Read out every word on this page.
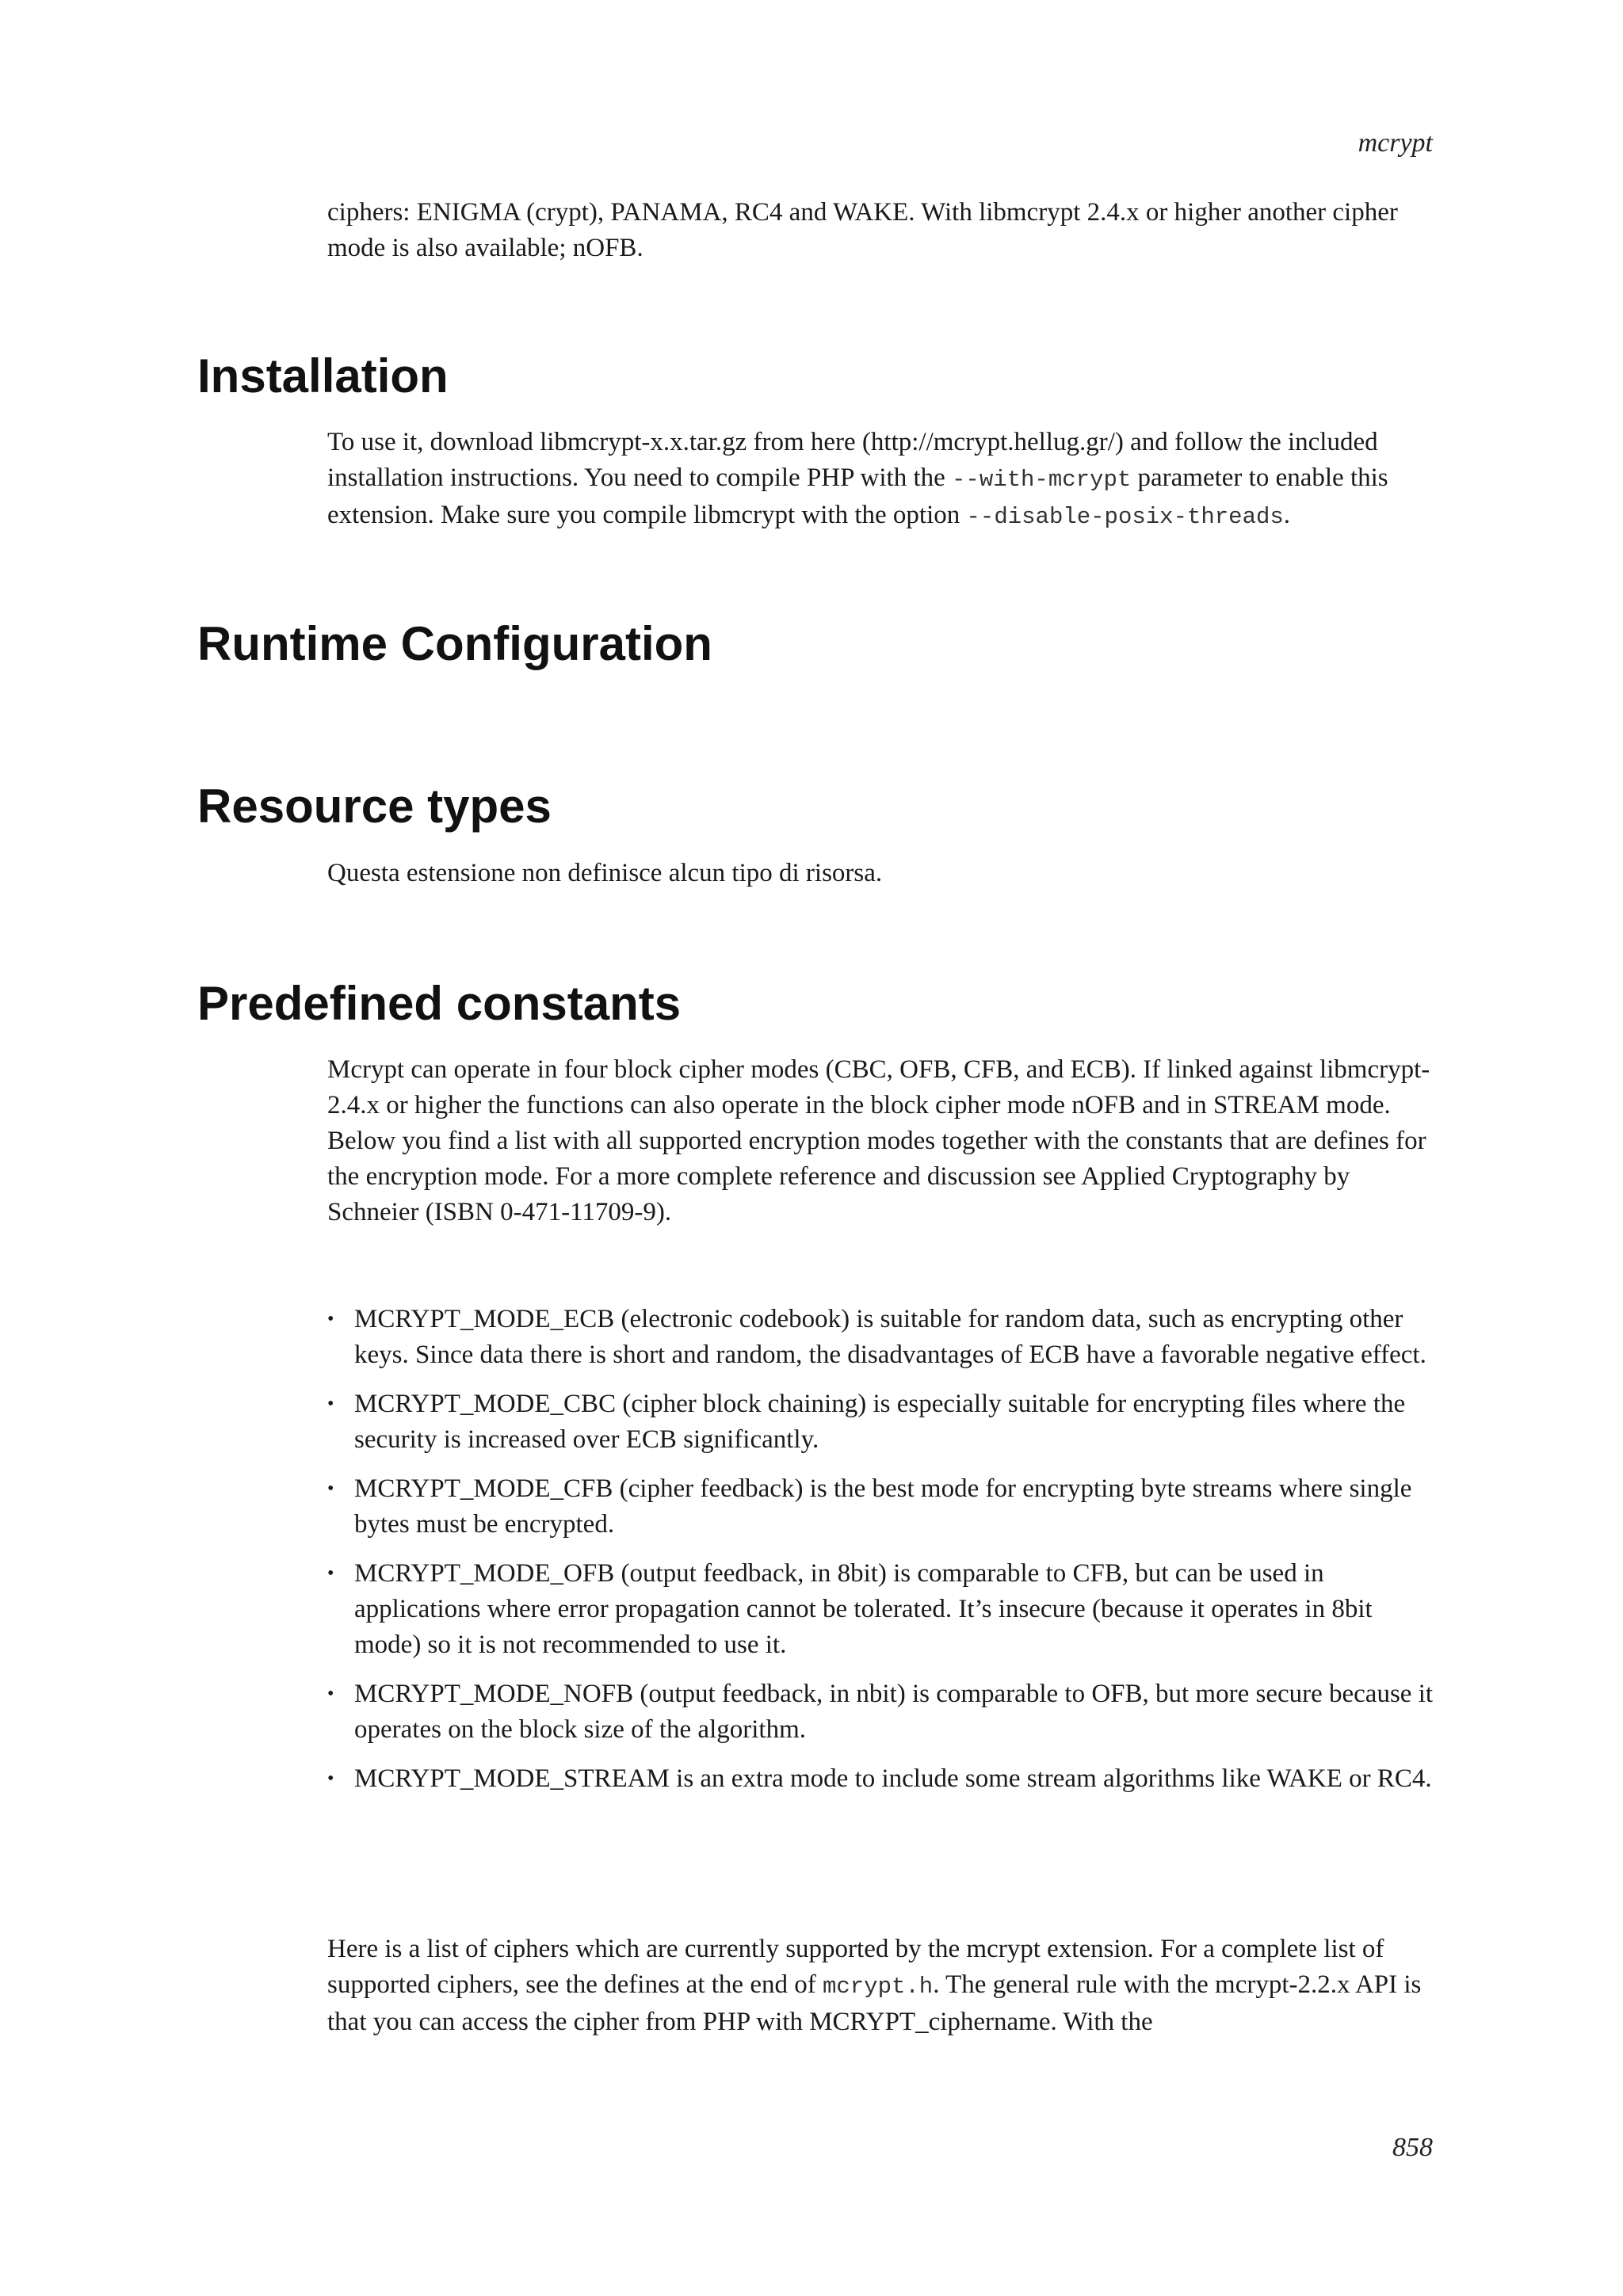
mcrypt

ciphers: ENIGMA (crypt), PANAMA, RC4 and WAKE. With libmcrypt 2.4.x or higher another cipher mode is also available; nOFB.

Installation

To use it, download libmcrypt-x.x.tar.gz from here (http://mcrypt.hellug.gr/) and follow the included installation instructions. You need to compile PHP with the --with-mcrypt parameter to enable this extension. Make sure you compile libmcrypt with the option --disable-posix-threads.

Runtime Configuration
Resource types

Questa estensione non definisce alcun tipo di risorsa.

Predefined constants

Mcrypt can operate in four block cipher modes (CBC, OFB, CFB, and ECB). If linked against libmcrypt-2.4.x or higher the functions can also operate in the block cipher mode nOFB and in STREAM mode. Below you find a list with all supported encryption modes together with the constants that are defines for the encryption mode. For a more complete reference and discussion see Applied Cryptography by Schneier (ISBN 0-471-11709-9).

• MCRYPT_MODE_ECB (electronic codebook) is suitable for random data, such as encrypting other keys. Since data there is short and random, the disadvantages of ECB have a favorable negative effect.
• MCRYPT_MODE_CBC (cipher block chaining) is especially suitable for encrypting files where the security is increased over ECB significantly.
• MCRYPT_MODE_CFB (cipher feedback) is the best mode for encrypting byte streams where single bytes must be encrypted.
• MCRYPT_MODE_OFB (output feedback, in 8bit) is comparable to CFB, but can be used in applications where error propagation cannot be tolerated. It’s insecure (because it operates in 8bit mode) so it is not recommended to use it.
• MCRYPT_MODE_NOFB (output feedback, in nbit) is comparable to OFB, but more secure because it operates on the block size of the algorithm.
• MCRYPT_MODE_STREAM is an extra mode to include some stream algorithms like WAKE or RC4.

Here is a list of ciphers which are currently supported by the mcrypt extension. For a complete list of supported ciphers, see the defines at the end of mcrypt.h. The general rule with the mcrypt-2.2.x API is that you can access the cipher from PHP with MCRYPT_ciphername. With the

858
